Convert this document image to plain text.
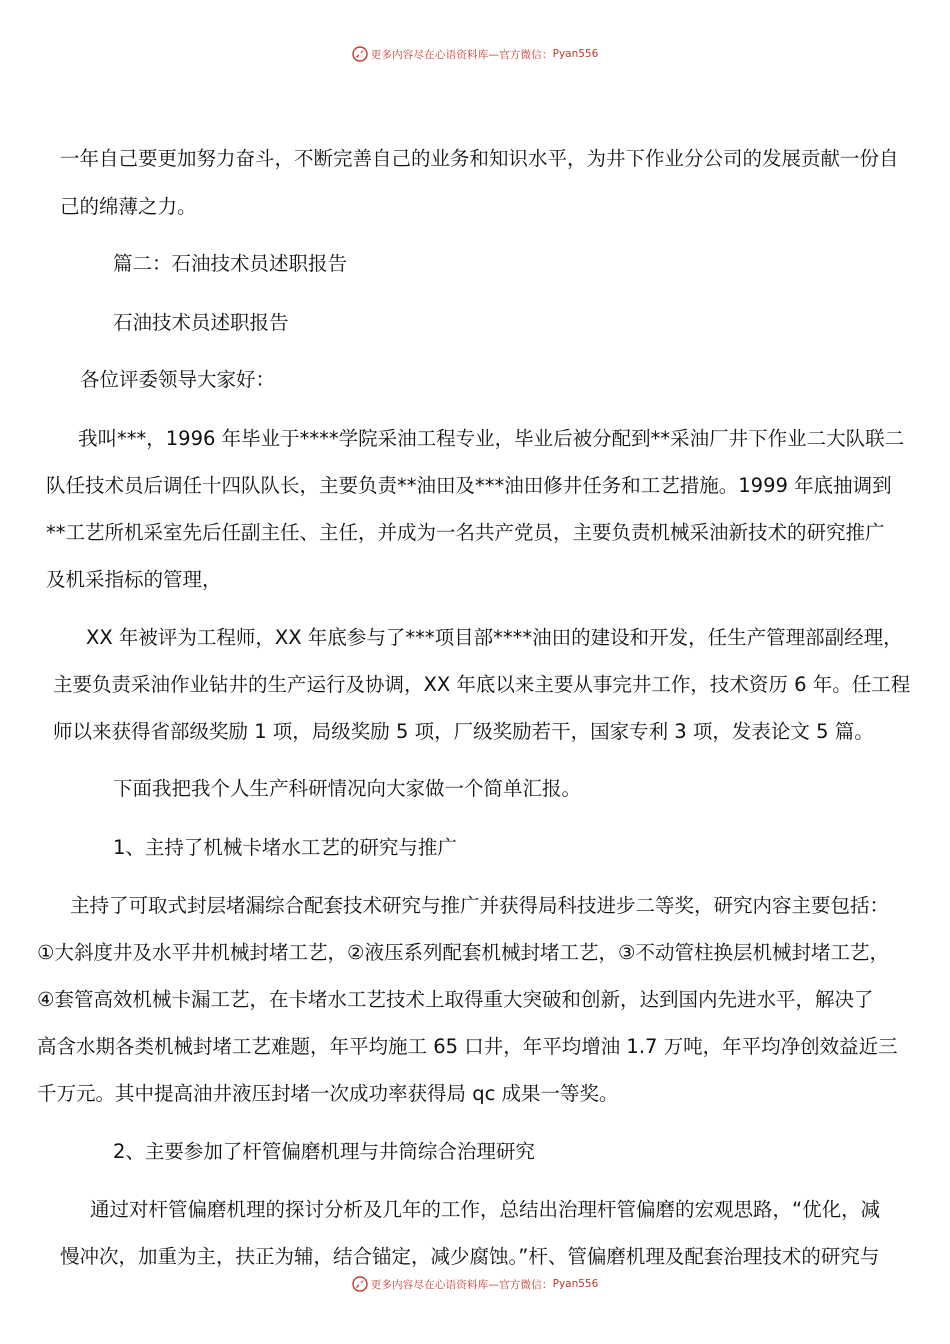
更多内容尽在心语资料库—官方微信： Pyan556

一年自己要更加努力奋斗，不断完善自己的业务和知识水平，为井下作业分公司的发展贡献一份自

己的绵薄之力。

篇二：石油技术员述职报告

石油技术员述职报告

各位评委领导大家好：

我叫***，1996 年毕业于****学院采油工程专业，毕业后被分配到**采油厂井下作业二大队联二

队任技术员后调任十四队队长，主要负责**油田及***油田修井任务和工艺措施。1999 年底抽调到

**工艺所机采室先后任副主任、主任，并成为一名共产党员，主要负责机械采油新技术的研究推广

及机采指标的管理，

XX 年被评为工程师，XX 年底参与了***项目部****油田的建设和开发，任生产管理部副经理，

主要负责采油作业钻井的生产运行及协调，XX 年底以来主要从事完井工作，技术资历 6 年。任工程

师以来获得省部级奖励 1 项，局级奖励 5 项，厂级奖励若干，国家专利 3 项，发表论文 5 篇。

下面我把我个人生产科研情况向大家做一个简单汇报。

1、主持了机械卡堵水工艺的研究与推广

主持了可取式封层堵漏综合配套技术研究与推广并获得局科技进步二等奖，研究内容主要包括：

①大斜度井及水平井机械封堵工艺，②液压系列配套机械封堵工艺，③不动管柱换层机械封堵工艺，

④套管高效机械卡漏工艺，在卡堵水工艺技术上取得重大突破和创新，达到国内先进水平，解决了

高含水期各类机械封堵工艺难题，年平均施工 65 口井，年平均增油 1.7 万吨，年平均净创效益近三

千万元。其中提高油井液压封堵一次成功率获得局 qc 成果一等奖。

2、主要参加了杆管偏磨机理与井筒综合治理研究

通过对杆管偏磨机理的探讨分析及几年的工作，总结出治理杆管偏磨的宏观思路，“优化，减

慢冲次，加重为主，扶正为辅，结合锚定，减少腐蚀。”杆、管偏磨机理及配套治理技术的研究与

更多内容尽在心语资料库—官方微信： Pyan556
